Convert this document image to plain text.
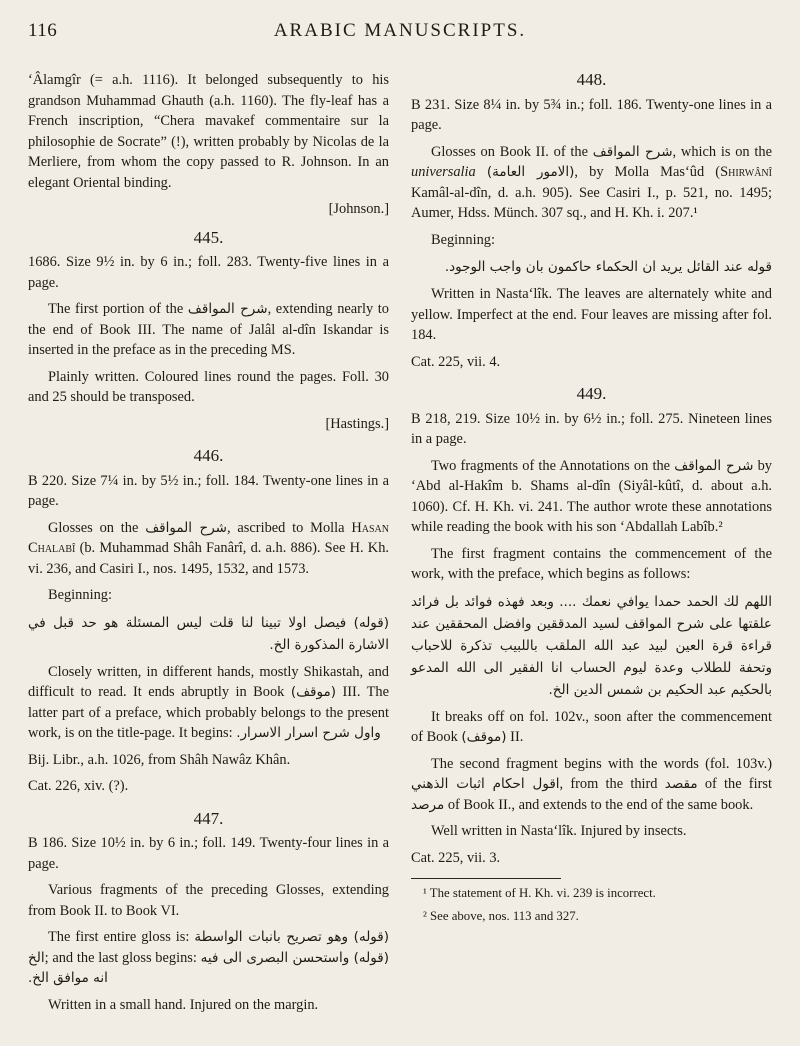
116	ARABIC MANUSCRIPTS.

‘Âlamgîr (= a.h. 1116). It belonged subsequently to his grandson Muhammad Ghauth (a.h. 1160). The fly-leaf has a French inscription, “Chera mavakef commentaire sur la philosophie de Socrate” (!), written probably by Nicolas de la Merliere, from whom the copy passed to R. Johnson. In an elegant Oriental binding.

[Johnson.]
445.

1686. Size 9½ in. by 6 in.; foll. 283. Twenty-five lines in a page.

The first portion of the شرح المواقف, extending nearly to the end of Book III. The name of Jalâl al-dîn Iskandar is inserted in the preface as in the preceding MS.

Plainly written. Coloured lines round the pages. Foll. 30 and 25 should be transposed.

[Hastings.]
446.

B 220. Size 7¼ in. by 5½ in.; foll. 184. Twenty-one lines in a page.

Glosses on the شرح المواقف, ascribed to Molla Hasan Chalabî (b. Muhammad Shâh Fanârî, d. a.h. 886). See H. Kh. vi. 236, and Casiri I., nos. 1495, 1532, and 1573.

Beginning:

(قوله) فيصل اولا تبينا لنا قلت ليس المسئلة هو حد قبل في الاشارة المذكورة الخ.

Closely written, in different hands, mostly Shikastah, and difficult to read. It ends abruptly in Book (موقف) III. The latter part of a preface, which probably belongs to the present work, is on the title-page. It begins: واول شرح اسرار الاسرار.

Bij. Libr., a.h. 1026, from Shâh Nawâz Khân.

Cat. 226, xiv. (?).

447.

B 186. Size 10½ in. by 6 in.; foll. 149. Twenty-four lines in a page.

Various fragments of the preceding Glosses, extending from Book II. to Book VI.

The first entire gloss is: (قوله) وهو تصريح بانبات الواسطة الخ; and the last gloss begins: (قوله) واستحسن البصرى الى فيه انه موافق الخ.

Written in a small hand. Injured on the margin.

448.

B 231. Size 8¼ in. by 5¾ in.; foll. 186. Twenty-one lines in a page.

Glosses on Book II. of the شرح المواقف, which is on the universalia (الامور العامة), by Molla Mas‘ûd (Shirwânî Kamâl-al-dîn, d. a.h. 905). See Casiri I., p. 521, no. 1495; Aumer, Hdss. Münch. 307 sq., and H. Kh. i. 207.¹

Beginning:

قوله عند القائل يريد ان الحكماء حاكمون بان واجب الوجود.

Written in Nasta‘lîk. The leaves are alternately white and yellow. Imperfect at the end. Four leaves are missing after fol. 184.

Cat. 225, vii. 4.

449.

B 218, 219. Size 10½ in. by 6½ in.; foll. 275. Nineteen lines in a page.

Two fragments of the Annotations on the شرح المواقف by ‘Abd al-Hakîm b. Shams al-dîn (Siyâl-kûtî, d. about a.h. 1060). Cf. H. Kh. vi. 241. The author wrote these annotations while reading the book with his son ‘Abdallah Labîb.²

The first fragment contains the commencement of the work, with the preface, which begins as follows:

اللهم لك الحمد حمدا يوافي نعمك .... وبعد فهذه فوائد بل فرائد علقتها على شرح المواقف لسيد المدققين وافضل المحققين عند قراءة قرة العين لبيد عبد الله الملقب باللبيب تذكرة للاحباب وتحفة للطلاب وعدة ليوم الحساب انا الفقير الى الله المدعو بالحكيم عبد الحكيم بن شمس الدين الخ.

It breaks off on fol. 102v., soon after the commencement of Book (موقف) II.

The second fragment begins with the words (fol. 103v.) اقول احكام اثبات الذهني, from the third مقصد of the first مرصد of Book II., and extends to the end of the same book.

Well written in Nasta‘lîk. Injured by insects.

Cat. 225, vii. 3.

¹ The statement of H. Kh. vi. 239 is incorrect.

² See above, nos. 113 and 327.
